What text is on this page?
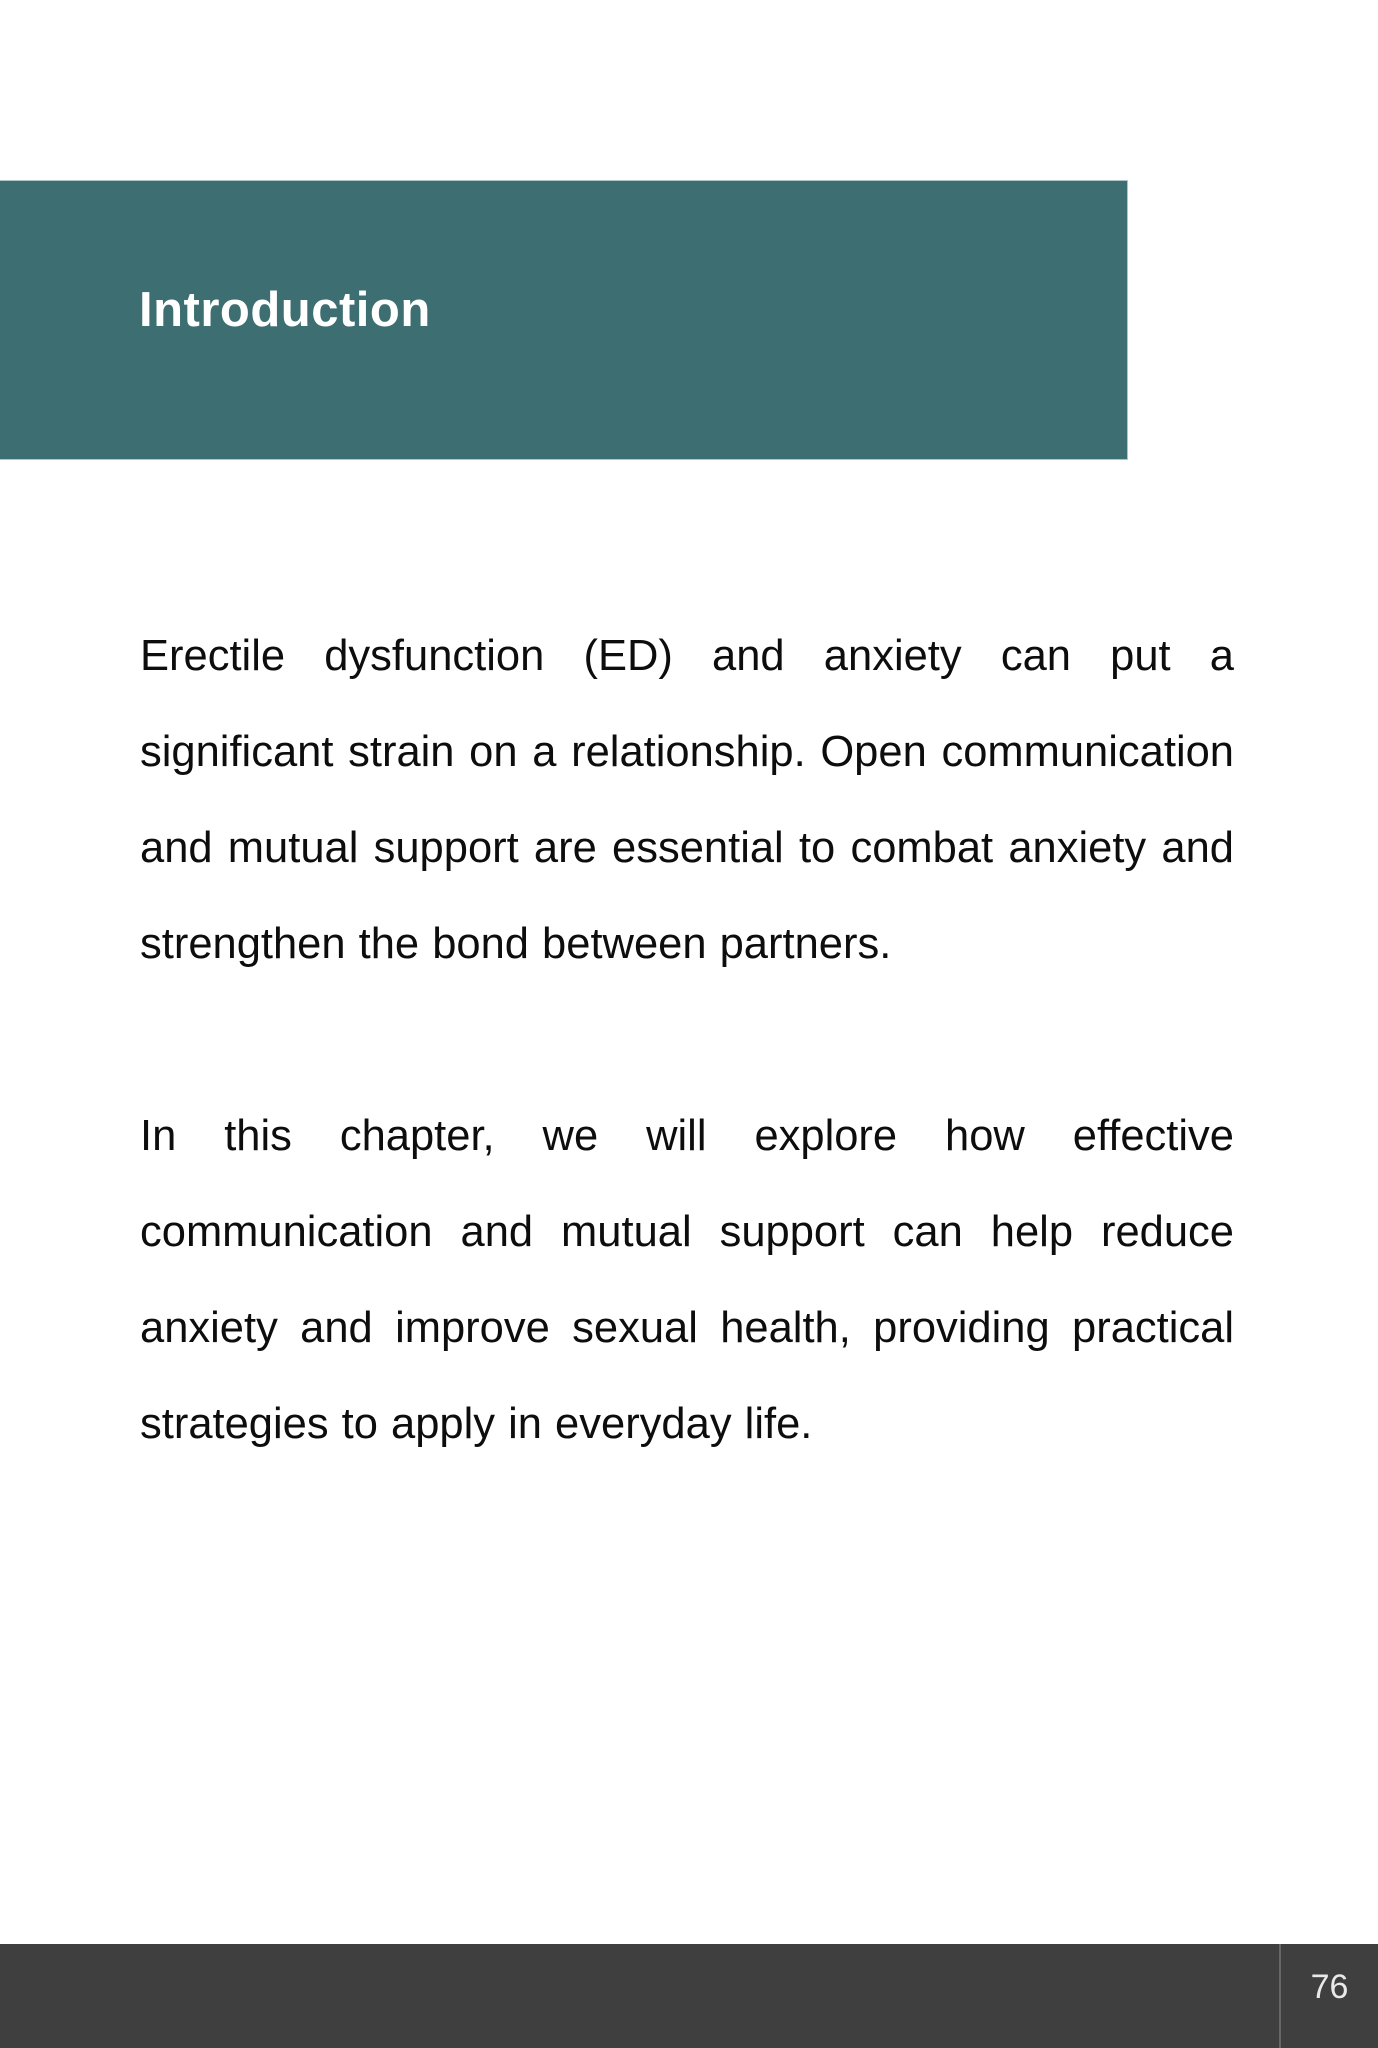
Introduction

Erectile dysfunction (ED) and anxiety can put a significant strain on a relationship. Open communication and mutual support are essential to combat anxiety and strengthen the bond between partners.

In this chapter, we will explore how effective communication and mutual support can help reduce anxiety and improve sexual health, providing practical strategies to apply in everyday life.

76
